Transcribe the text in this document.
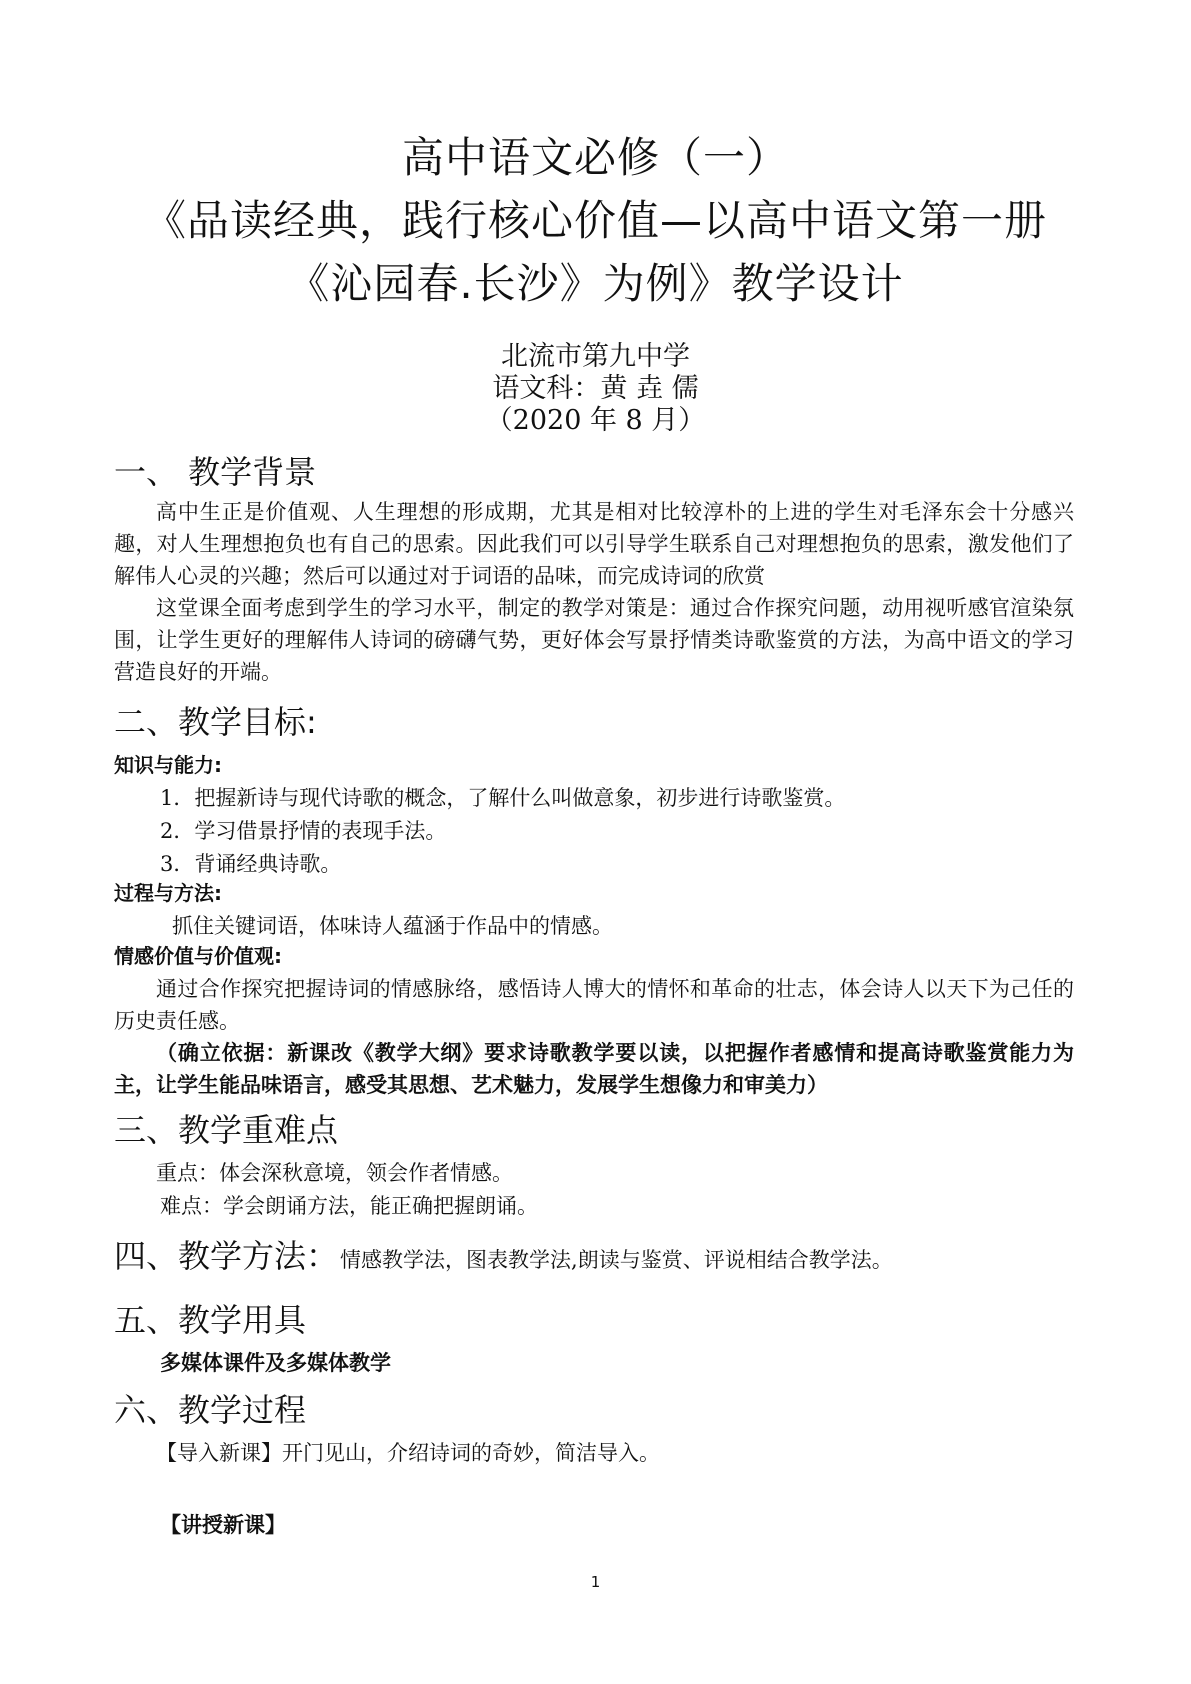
高中语文必修（一）
《品读经典，践行核心价值—以高中语文第一册
《沁园春.长沙》为例》教学设计
北流市第九中学
语文科：黄 垚 儒
（2020 年 8 月）
一、 教学背景
高中生正是价值观、人生理想的形成期，尤其是相对比较淳朴的上进的学生对毛泽东会十分感兴趣，对人生理想抱负也有自己的思索。因此我们可以引导学生联系自己对理想抱负的思索，激发他们了解伟人心灵的兴趣；然后可以通过对于词语的品味，而完成诗词的欣赏
这堂课全面考虑到学生的学习水平，制定的教学对策是：通过合作探究问题，动用视听感官渲染氛围，让学生更好的理解伟人诗词的磅礴气势，更好体会写景抒情类诗歌鉴赏的方法，为高中语文的学习营造良好的开端。
二、教学目标:
知识与能力:
1．把握新诗与现代诗歌的概念，了解什么叫做意象，初步进行诗歌鉴赏。
2．学习借景抒情的表现手法。
3．背诵经典诗歌。
过程与方法:
抓住关键词语，体味诗人蕴涵于作品中的情感。
情感价值与价值观:
通过合作探究把握诗词的情感脉络，感悟诗人博大的情怀和革命的壮志，体会诗人以天下为己任的历史责任感。
（确立依据：新课改《教学大纲》要求诗歌教学要以读，以把握作者感情和提高诗歌鉴赏能力为主，让学生能品味语言，感受其思想、艺术魅力，发展学生想像力和审美力）
三、教学重难点
重点：体会深秋意境，领会作者情感。
难点：学会朗诵方法，能正确把握朗诵。
四、教学方法：情感教学法，图表教学法,朗读与鉴赏、评说相结合教学法。
五、教学用具
多媒体课件及多媒体教学
六、教学过程
【导入新课】开门见山，介绍诗词的奇妙，简洁导入。
【讲授新课】
1
